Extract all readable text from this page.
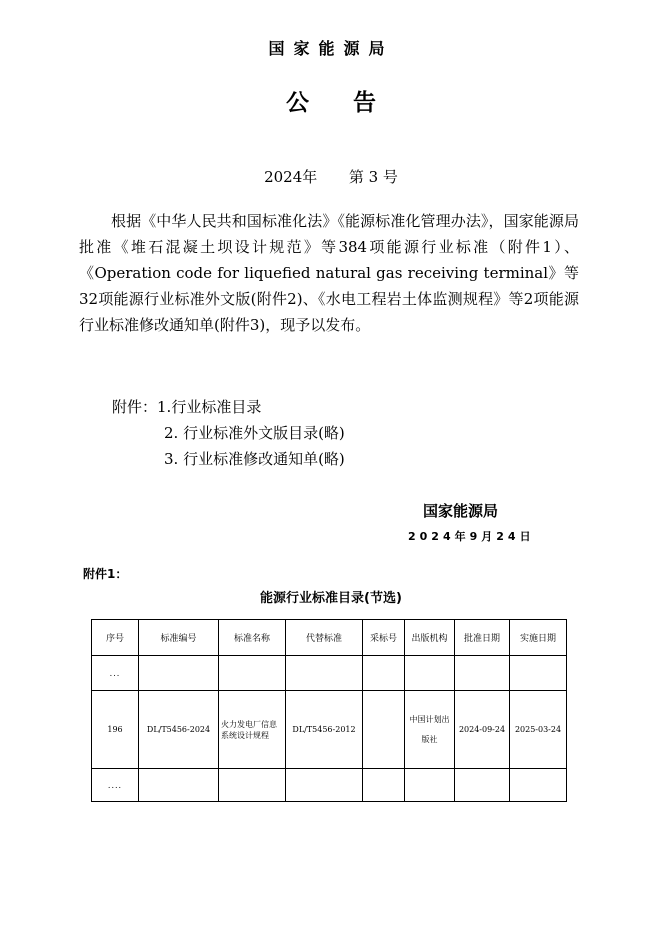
国家能源局
公告
2024年 第 3 号

根据《中华人民共和国标准化法》《能源标准化管理办法》，国家能源局批准《堆石混凝土坝设计规范》等384项能源行业标准（附件1）、《Operation code for liquefied natural gas receiving terminal》等32项能源行业标准外文版(附件2)、《水电工程岩土体监测规程》等2项能源行业标准修改通知单(附件3)，现予以发布。

附件：1.行业标准目录
2. 行业标准外文版目录(略)
3. 行业标准修改通知单(略)
国家能源局
2024年9月24日
附件1：
能源行业标准目录(节选)
序号	标准编号	标准名称	代替标准	采标号	出版机构	批准日期	实施日期
...							
196	DL/T5456-2024	火力发电厂信息系统设计规程	DL/T5456-2012		中国计划出版社	2024-09-24	2025-03-24
....							
